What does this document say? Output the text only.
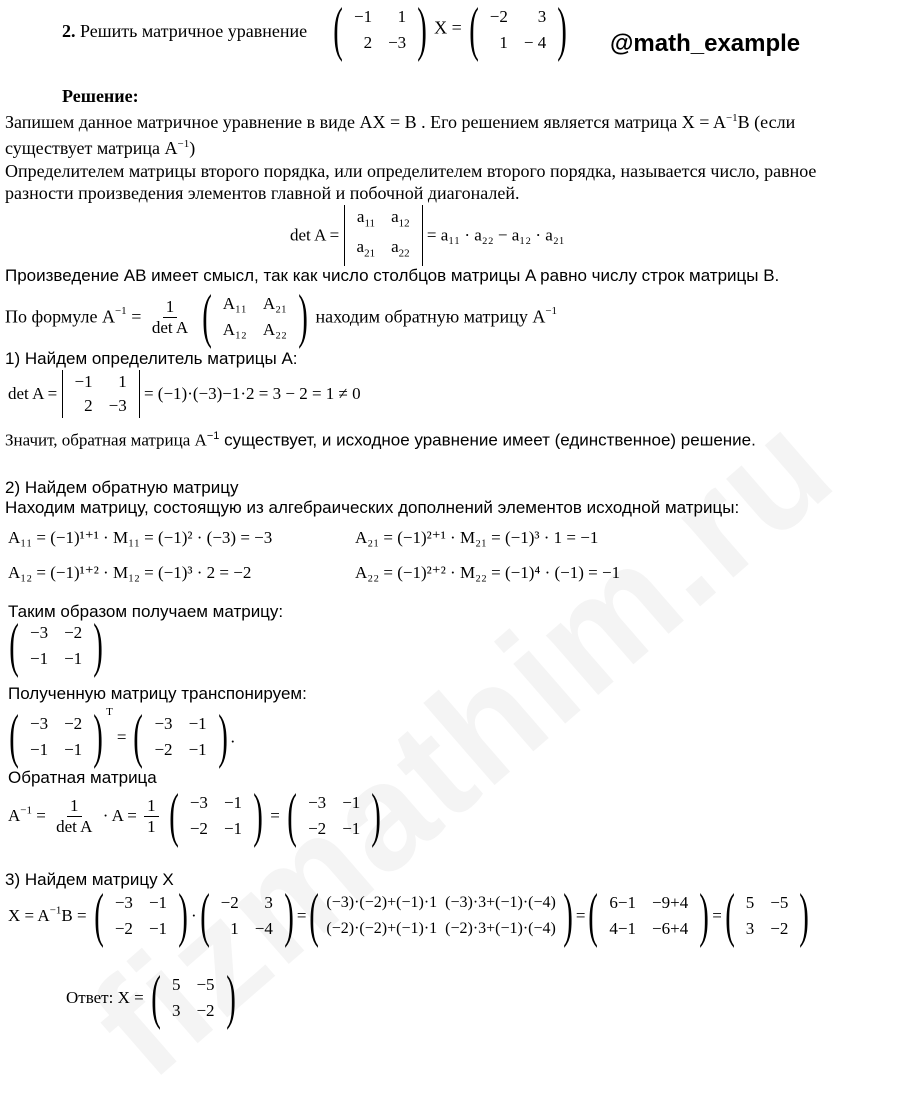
2. Решить матричное уравнение ( −1	1
2	−3 ) X = ( −2	3
1	− 4 ) @math_example
Решение:
Запишем данное матричное уравнение в виде AX = B . Его решением является матрица $X = A^{-1}B$ (если
существует матрица $A^{-1}$)
Определителем матрицы второго порядка, или определителем второго порядка, называется число, равное
разности произведения элементов главной и побочной диагоналей.
det A =
$a_{11}$	$a_{12}$
$a_{21}$	$a_{22}$
= a₁₁ · a₂₂ − a₁₂ · a₂₁
Произведение AB имеет смысл, так как число столбцов матрицы A равно числу строк матрицы B.
По формуле $A^{-1} = \frac{1}{\text{det A}}$
( A₁₁	A₂₁
A₁₂	A₂₂ ) находим обратную матрицу $A^{-1}$
1) Найдем определитель матрицы А:
det A =
−1	1
2	−3
= (−1)·(−3)−1·2 = 3 − 2 = 1 ≠ 0
Значит, обратная матрица $A^{-1}$ существует, и исходное уравнение имеет (единственное) решение.
2) Найдем обратную матрицу
Находим матрицу, состоящую из алгебраических дополнений элементов исходной матрицы:
A₁₁ = (−1)¹⁺¹ · M₁₁ = (−1)² · (−3) = −3	A₂₁ = (−1)²⁺¹ · M₂₁ = (−1)³ · 1 = −1
A₁₂ = (−1)¹⁺² · M₁₂ = (−1)³ · 2 = −2	A₂₂ = (−1)²⁺² · M₂₂ = (−1)⁴ · (−1) = −1
Таким образом получаем матрицу:
( −3	−2
−1	−1 )
Полученную матрицу транспонируем:
( −3	−2
−1	−1 ) $^T$ = ( −3	−1
−2	−1 ) .
Обратная матрица
$A^{-1} = \frac{1}{\text{det A}} \cdot A = \frac{1}{1}$
( −3	−1
−2	−1 ) = ( −3	−1
−2	−1 )
3) Найдем матрицу X
$X = A^{-1}B$ = ( −3	−1
−2	−1 ) · ( −2	3
1	−4 ) = ( (−3)·(−2)+(−1)·1	(−3)·3+(−1)·(−4)
(−2)·(−2)+(−1)·1	(−2)·3+(−1)·(−4) ) = ( 6−1	−9+4
4−1	−6+4 ) = ( 5	−5
3	−2 )
Ответ: X = ( 5	−5
3	−2 )
